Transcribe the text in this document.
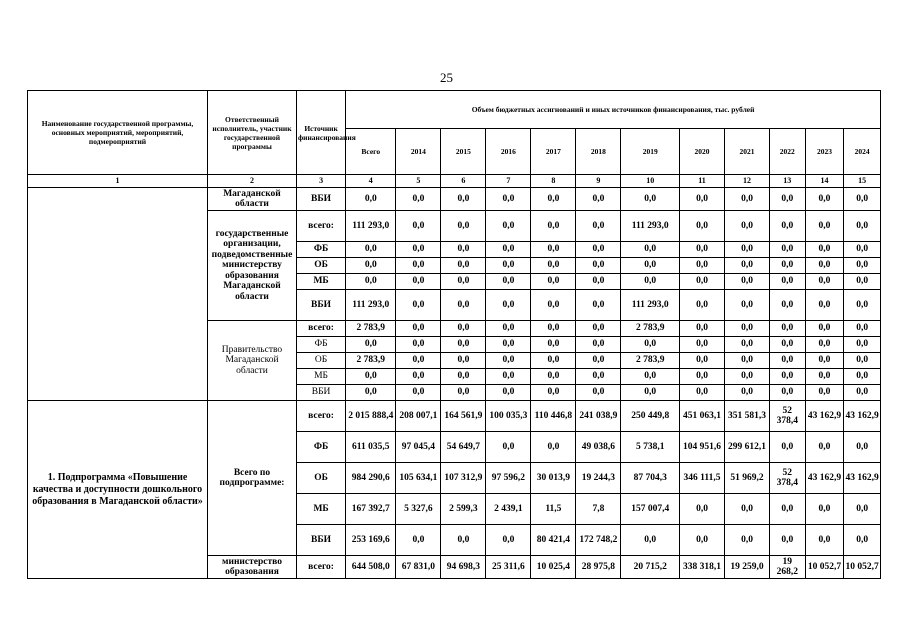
25
Наименование государственной программы, основных мероприятий, мероприятий, подмероприятий	Ответственный исполнитель, участник государственной программы	Источник финансирования	Объем бюджетных ассигнований и иных источников финансирования, тыс. рублей											
			Всего	2014	2015	2016	2017	2018	2019	2020	2021	2022	2023	2024
1	2	3	4	5	6	7	8	9	10	11	12	13	14	15
	Магаданской области	ВБИ	0,0	0,0	0,0	0,0	0,0	0,0	0,0	0,0	0,0	0,0	0,0	0,0
	государственные организации, подведомственные министерству образования Магаданской области	всего:	111 293,0	0,0	0,0	0,0	0,0	0,0	111 293,0	0,0	0,0	0,0	0,0	0,0
		ФБ	0,0	0,0	0,0	0,0	0,0	0,0	0,0	0,0	0,0	0,0	0,0	0,0
		ОБ	0,0	0,0	0,0	0,0	0,0	0,0	0,0	0,0	0,0	0,0	0,0	0,0
		МБ	0,0	0,0	0,0	0,0	0,0	0,0	0,0	0,0	0,0	0,0	0,0	0,0
		ВБИ	111 293,0	0,0	0,0	0,0	0,0	0,0	111 293,0	0,0	0,0	0,0	0,0	0,0
	Правительство Магаданской области	всего:	2 783,9	0,0	0,0	0,0	0,0	0,0	2 783,9	0,0	0,0	0,0	0,0	0,0
		ФБ	0,0	0,0	0,0	0,0	0,0	0,0	0,0	0,0	0,0	0,0	0,0	0,0
		ОБ	2 783,9	0,0	0,0	0,0	0,0	0,0	2 783,9	0,0	0,0	0,0	0,0	0,0
		МБ	0,0	0,0	0,0	0,0	0,0	0,0	0,0	0,0	0,0	0,0	0,0	0,0
		ВБИ	0,0	0,0	0,0	0,0	0,0	0,0	0,0	0,0	0,0	0,0	0,0	0,0
1. Подпрограмма «Повышение качества и доступности дошкольного образования в Магаданской области»	Всего по подпрограмме:	всего:	2 015 888,4	208 007,1	164 561,9	100 035,3	110 446,8	241 038,9	250 449,8	451 063,1	351 581,3	52 378,4	43 162,9	43 162,9
		ФБ	611 035,5	97 045,4	54 649,7	0,0	0,0	49 038,6	5 738,1	104 951,6	299 612,1	0,0	0,0	0,0
		ОБ	984 290,6	105 634,1	107 312,9	97 596,2	30 013,9	19 244,3	87 704,3	346 111,5	51 969,2	52 378,4	43 162,9	43 162,9
		МБ	167 392,7	5 327,6	2 599,3	2 439,1	11,5	7,8	157 007,4	0,0	0,0	0,0	0,0	0,0
		ВБИ	253 169,6	0,0	0,0	0,0	80 421,4	172 748,2	0,0	0,0	0,0	0,0	0,0	0,0
	министерство образования	всего:	644 508,0	67 831,0	94 698,3	25 311,6	10 025,4	28 975,8	20 715,2	338 318,1	19 259,0	19 268,2	10 052,7	10 052,7
